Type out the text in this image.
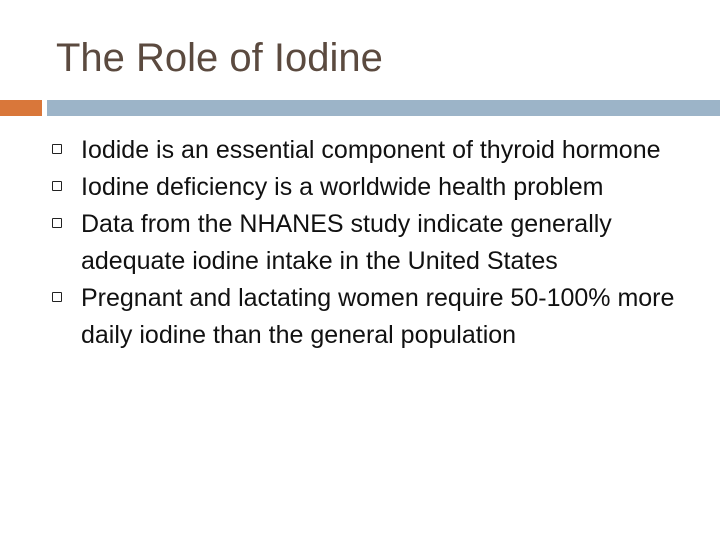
The Role of Iodine
Iodide is an essential component of thyroid hormone
Iodine deficiency is a worldwide health problem
Data from the NHANES study indicate generally adequate iodine intake in the United States
Pregnant and lactating women require 50-100% more daily iodine than the general population
